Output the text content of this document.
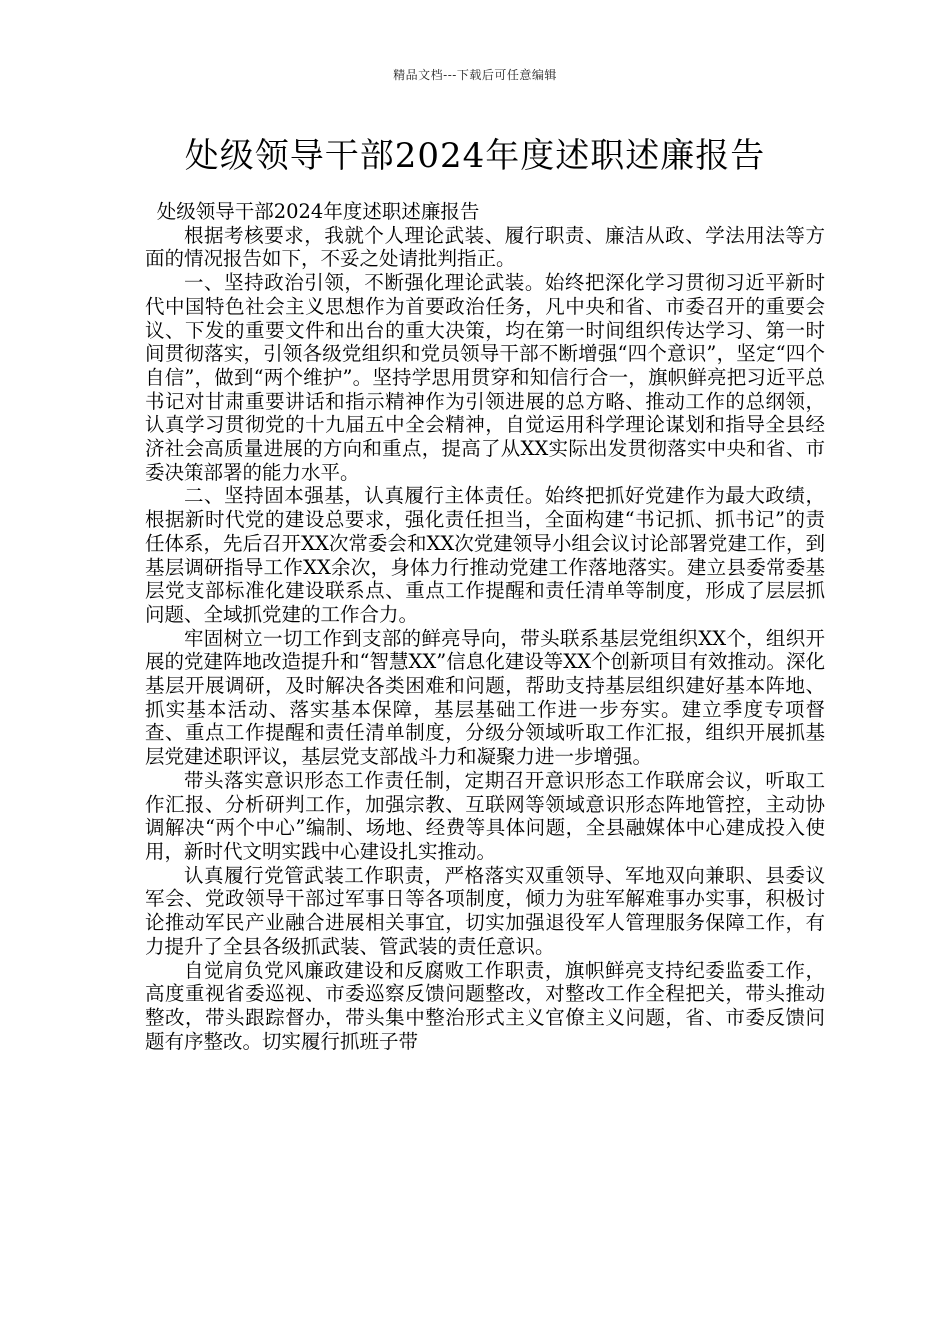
精品文档---下载后可任意编辑
处级领导干部2024年度述职述廉报告

处级领导干部2024年度述职述廉报告

根据考核要求，我就个人理论武装、履行职责、廉洁从政、学法用法等方面的情况报告如下，不妥之处请批判指正。

一、坚持政治引领，不断强化理论武装。始终把深化学习贯彻习近平新时代中国特色社会主义思想作为首要政治任务，凡中央和省、市委召开的重要会议、下发的重要文件和出台的重大决策，均在第一时间组织传达学习、第一时间贯彻落实，引领各级党组织和党员领导干部不断增强“四个意识”，坚定“四个自信”，做到“两个维护”。坚持学思用贯穿和知信行合一，旗帜鲜亮把习近平总书记对甘肃重要讲话和指示精神作为引领进展的总方略、推动工作的总纲领，认真学习贯彻党的十九届五中全会精神，自觉运用科学理论谋划和指导全县经济社会高质量进展的方向和重点，提高了从XX实际出发贯彻落实中央和省、市委决策部署的能力水平。

二、坚持固本强基，认真履行主体责任。始终把抓好党建作为最大政绩，根据新时代党的建设总要求，强化责任担当，全面构建“书记抓、抓书记”的责任体系，先后召开XX次常委会和XX次党建领导小组会议讨论部署党建工作，到基层调研指导工作XX余次，身体力行推动党建工作落地落实。建立县委常委基层党支部标准化建设联系点、重点工作提醒和责任清单等制度，形成了层层抓问题、全域抓党建的工作合力。

牢固树立一切工作到支部的鲜亮导向，带头联系基层党组织XX个，组织开展的党建阵地改造提升和“智慧XX”信息化建设等XX个创新项目有效推动。深化基层开展调研，及时解决各类困难和问题，帮助支持基层组织建好基本阵地、抓实基本活动、落实基本保障，基层基础工作进一步夯实。建立季度专项督查、重点工作提醒和责任清单制度，分级分领域听取工作汇报，组织开展抓基层党建述职评议，基层党支部战斗力和凝聚力进一步增强。

带头落实意识形态工作责任制，定期召开意识形态工作联席会议，听取工作汇报、分析研判工作，加强宗教、互联网等领域意识形态阵地管控，主动协调解决“两个中心”编制、场地、经费等具体问题，全县融媒体中心建成投入使用，新时代文明实践中心建设扎实推动。

认真履行党管武装工作职责，严格落实双重领导、军地双向兼职、县委议军会、党政领导干部过军事日等各项制度，倾力为驻军解难事办实事，积极讨论推动军民产业融合进展相关事宜，切实加强退役军人管理服务保障工作，有力提升了全县各级抓武装、管武装的责任意识。

自觉肩负党风廉政建设和反腐败工作职责，旗帜鲜亮支持纪委监委工作， 高度重视省委巡视、市委巡察反馈问题整改，对整改工作全程把关，带头推动整改，带头跟踪督办，带头集中整治形式主义官僚主义问题，省、市委反馈问题有序整改。切实履行抓班子带
